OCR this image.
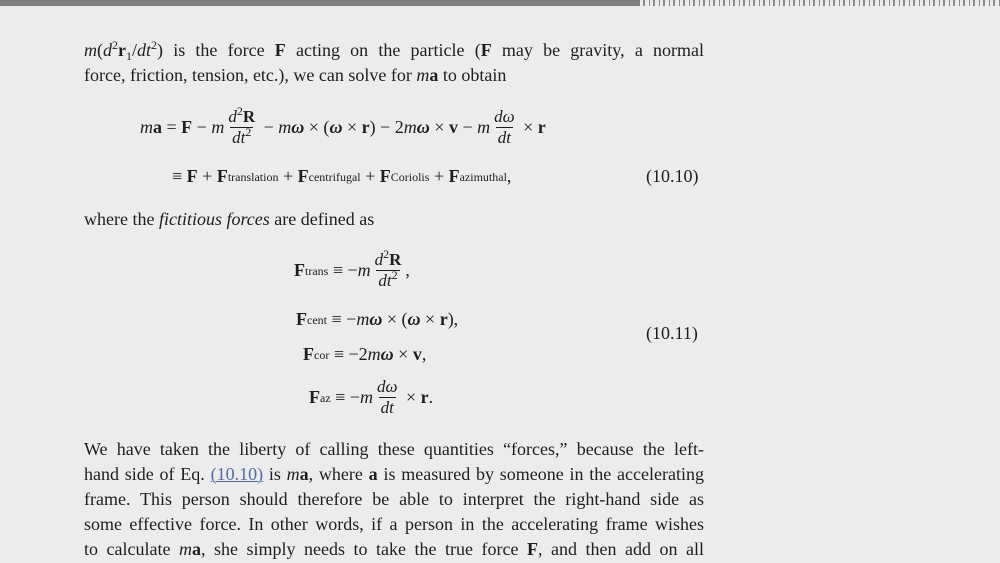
$m(d^2r_1/dt^2)$ is the force F acting on the particle (F may be gravity, a normal

force, friction, tension, etc.), we can solve for ma to obtain

m a = F − m $\frac{d^2R}{dt^2} - m$ ω × ( ω × r ) − 2 m ω × v − m $\frac{d\omega}{dt} \times r$
≡ F + F translation + F centrifugal + F Coriolis + F azimuthal ,	(10.10)

where the fictitious forces are defined as

F trans ≡ − m $\frac{d^2R}{dt^2}$ ,
F cent ≡ − m ω × ( ω × r ),
(10.11)
F cor ≡ −2 m ω × v ,
F az ≡ − m $\frac{d\omega}{dt} \times r$ .

We have taken the liberty of calling these quantities “forces,” because the left-

hand side of Eq. (10.10) is ma, where a is measured by someone in the accelerating

frame. This person should therefore be able to interpret the right-hand side as

some effective force. In other words, if a person in the accelerating frame wishes

to calculate ma, she simply needs to take the true force F, and then add on all
